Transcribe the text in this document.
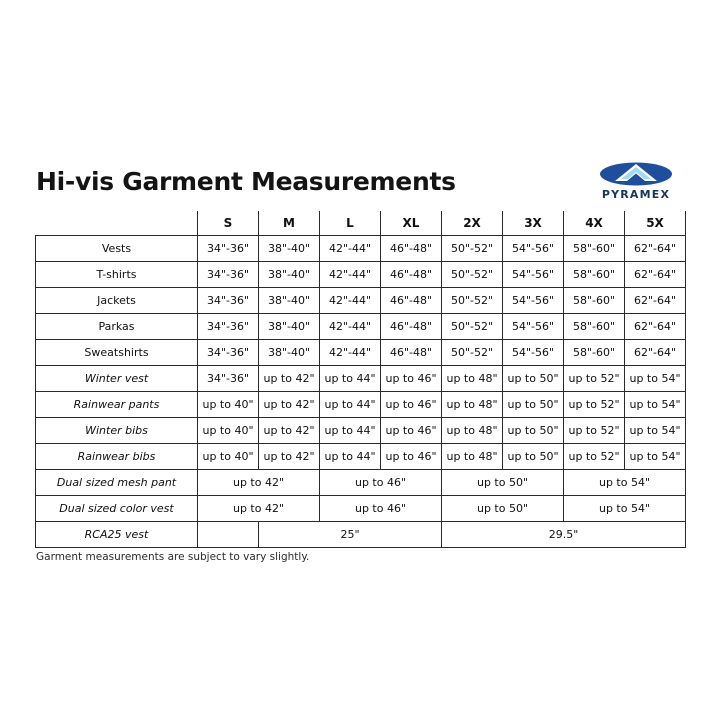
Hi-vis Garment Measurements	PYRAMEX
	S	M	L	XL	2X	3X	4X	5X
Vests	34"-36"	38"-40"	42"-44"	46"-48"	50"-52"	54"-56"	58"-60"	62"-64"
T-shirts	34"-36"	38"-40"	42"-44"	46"-48"	50"-52"	54"-56"	58"-60"	62"-64"
Jackets	34"-36"	38"-40"	42"-44"	46"-48"	50"-52"	54"-56"	58"-60"	62"-64"
Parkas	34"-36"	38"-40"	42"-44"	46"-48"	50"-52"	54"-56"	58"-60"	62"-64"
Sweatshirts	34"-36"	38"-40"	42"-44"	46"-48"	50"-52"	54"-56"	58"-60"	62"-64"
Winter vest	34"-36"	up to 42"	up to 44"	up to 46"	up to 48"	up to 50"	up to 52"	up to 54"
Rainwear pants	up to 40"	up to 42"	up to 44"	up to 46"	up to 48"	up to 50"	up to 52"	up to 54"
Winter bibs	up to 40"	up to 42"	up to 44"	up to 46"	up to 48"	up to 50"	up to 52"	up to 54"
Rainwear bibs	up to 40"	up to 42"	up to 44"	up to 46"	up to 48"	up to 50"	up to 52"	up to 54"
Dual sized mesh pant	up to 42"		up to 46"		up to 50"		up to 54"	
Dual sized color vest	up to 42"		up to 46"		up to 50"		up to 54"	
RCA25 vest		25"			29.5"			
Garment measurements are subject to vary slightly.
